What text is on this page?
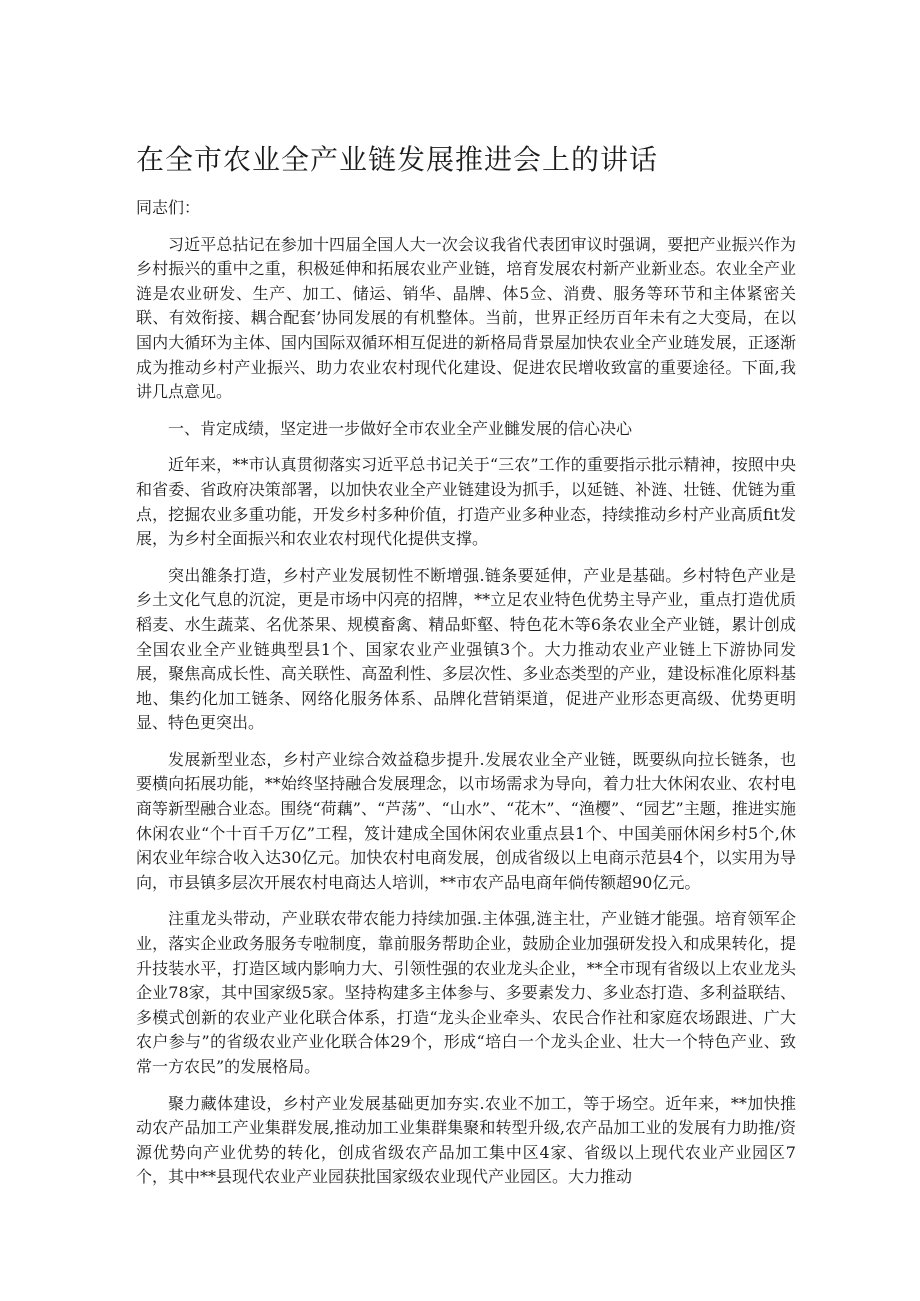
在全市农业全产业链发展推进会上的讲话

同志们：

习近平总拈记在参加十四届全国人大一次会议我省代表团审议时强调，要把产业振兴作为乡村振兴的重中之重，积极延伸和拓展农业产业链，培育发展农村新产业新业态。农业全产业涟是农业研发、生产、加工、储运、销华、晶牌、体5佥、消费、服务等环节和主体紧密关联、有效衔接、耦合配套’协同发展的有机整体。当前，世界正经历百年未有之大变局，在以国内大循环为主体、国内国际双循环相互促进的新格局背景屋加快农业全产业琏发展，正逐渐成为推动乡村产业振兴、助力农业农村现代化建设、促进农民增收致富的重要途径。下面,我讲几点意见。

一、肯定成绩，坚定进一步做好全市农业全产业雠发展的信心决心

近年来，**市认真贯彻落实习近平总书记关于“三农”工作的重要指示批示精神，按照中央和省委、省政府决策部署，以加快农业全产业链建设为抓手，以延链、补涟、壮链、优链为重点，挖掘农业多重功能，开发乡村多种价值，打造产业多种业态，持续推动乡村产业高质fit发展，为乡村全面振兴和农业农村现代化提供支撑。

突出雒条打造，乡村产业发展韧性不断增强.链条要延伸，产业是基础。乡村特色产业是乡土文化气息的沉淀，更是市场中闪亮的招牌，**立足农业特色优势主导产业，重点打造优质稻麦、水生蔬菜、名优茶果、规模畜禽、精品虾壑、特色花木等6条农业全产业链，累计创成全国农业全产业链典型县1个、国家农业产业强镇3个。大力推动农业产业链上下游协同发展，聚焦高成长性、高关联性、高盈利性、多层次性、多业态类型的产业，建设标准化原料基地、集约化加工链条、网络化服务体系、品牌化营销渠道，促进产业形态更高级、优势更明显、特色更突出。

发展新型业态，乡村产业综合效益稳步提升.发展农业全产业链，既要纵向拉长链条，也要横向拓展功能，**始终坚持融合发展理念，以市场需求为导向，着力壮大休闲农业、农村电商等新型融合业态。围绕“荷藕”、“芦荡”、“山水”、“花木”、“渔樱”、“园艺”主题，推进实施休闲农业“个十百千万亿”工程，笈计建成全国休闲农业重点县1个、中国美丽休闲乡村5个,休闲农业年综合收入达30亿元。加快农村电商发展，创成省级以上电商示范县4个，以实用为导向，市县镇多层次开展农村电商达人培训，**市农产品电商年倘传额超90亿元。

注重龙头带动，产业联农带农能力持续加强.主体强,涟主壮，产业链才能强。培育领军企业，落实企业政务服务专啦制度，靠前服务帮助企业，鼓励企业加强研发投入和成果转化，提升技装水平，打造区域内影响力大、引领性强的农业龙头企业，**全市现有省级以上农业龙头企业78家，其中国家级5家。坚持构建多主体参与、多要素发力、多业态打造、多利益联结、多模式创新的农业产业化联合体系，打造“龙头企业牵头、农民合作社和家庭农场跟进、广大农户参与”的省级农业产业化联合体29个，形成“培白一个龙头企业、壮大一个特色产业、致常一方农民”的发展格局。

聚力藏体建设，乡村产业发展基础更加夯实.农业不加工，等于场空。近年来，**加快推动农产品加工产业集群发展,推动加工业集群集聚和转型升级,农产品加工业的发展有力助推/资源优势向产业优势的转化，创成省级农产品加工集中区4家、省级以上现代农业产业园区7个，其中**县现代农业产业园获批国家级农业现代产业园区。大力推动
